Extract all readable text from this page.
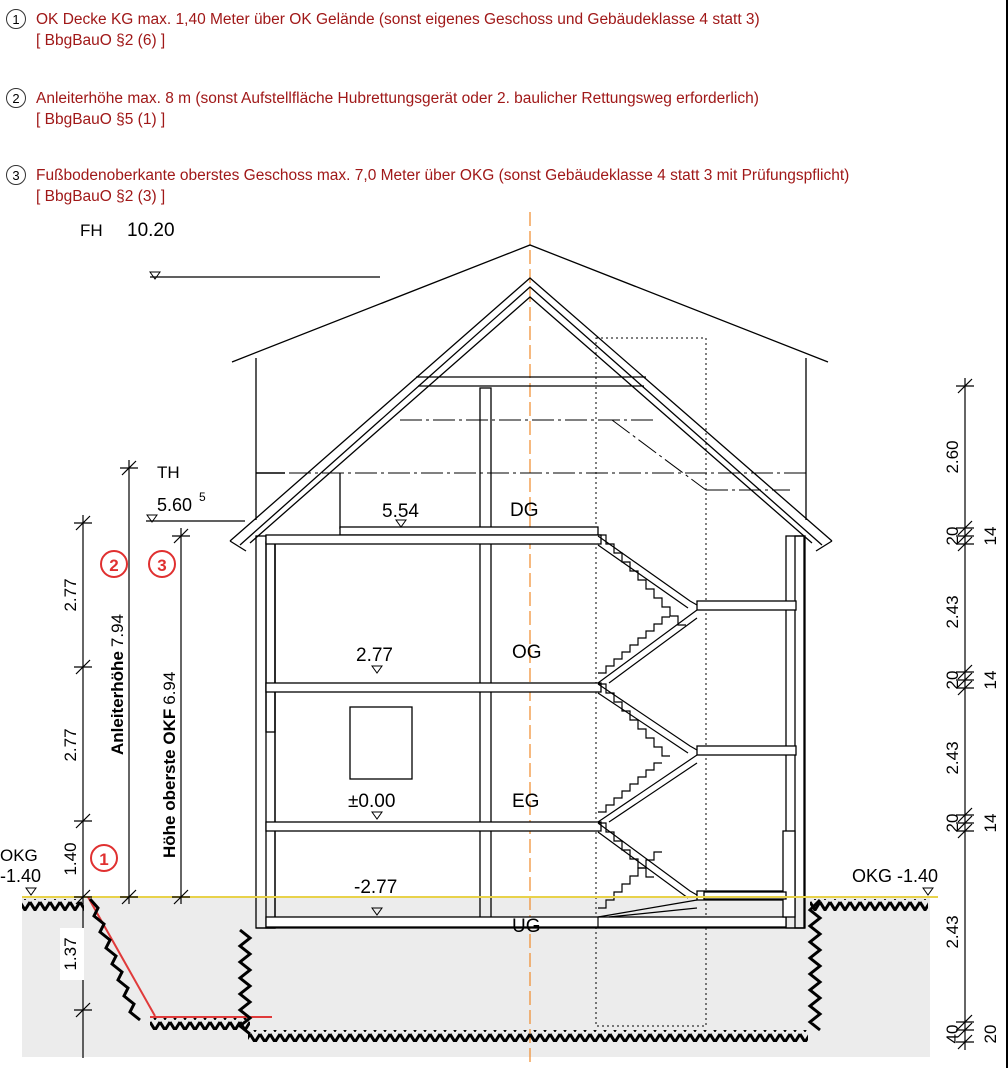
1	OK Decke KG max. 1,40 Meter über OK Gelände (sonst eigenes Geschoss und Gebäudeklasse 4 statt 3)
[ BbgBauO §2 (6) ]
2	Anleiterhöhe max. 8 m (sonst Aufstellfläche Hubrettungsgerät oder 2. baulicher Rettungsweg erforderlich)
[ BbgBauO §5 (1) ]
3	Fußbodenoberkante oberstes Geschoss max. 7,0 Meter über OKG (sonst Gebäudeklasse 4 statt 3 mit Prüfungspflicht)
[ BbgBauO §2 (3) ]
FH 10.20
TH
5.60 5
5.54
2.77
±0.00
-2.77
DG
OG
EG
UG
OKG
-1.40	OKG -1.40
2.77
2.77
1.40
1.37
Anleiterhöhe7.94
Höhe oberste OKF6.94
2 3
1
2.60
20 14
2.43
20 14
2.43
20 14
2.43
40 20
